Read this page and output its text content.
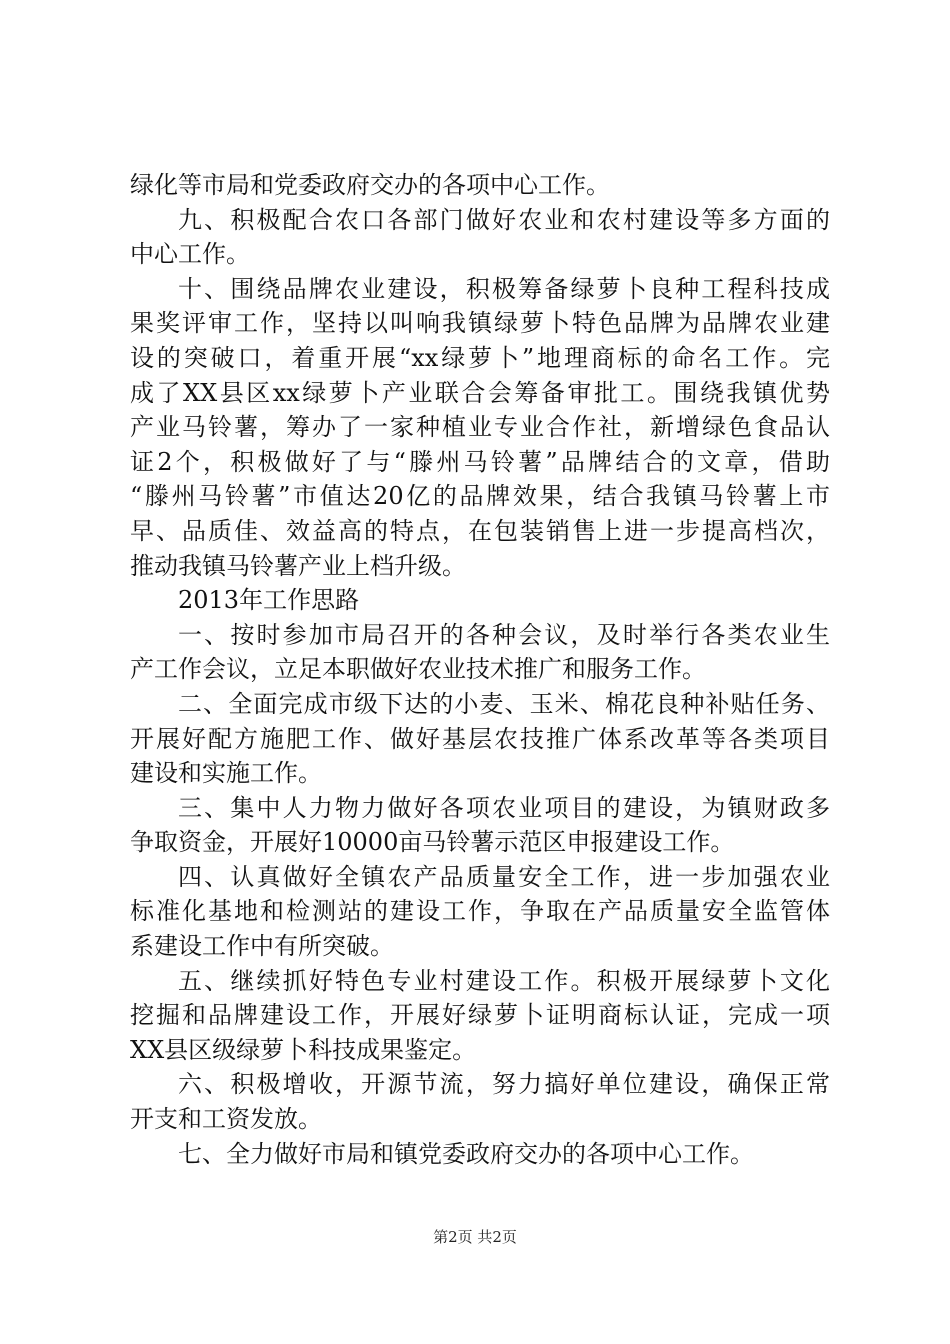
绿化等市局和党委政府交办的各项中心工作。
九、积极配合农口各部门做好农业和农村建设等多方面的
中心工作。
十、围绕品牌农业建设，积极筹备绿萝卜良种工程科技成
果奖评审工作，坚持以叫响我镇绿萝卜特色品牌为品牌农业建
设的突破口，着重开展“xx绿萝卜”地理商标的命名工作。完
成了XX县区xx绿萝卜产业联合会筹备审批工。围绕我镇优势
产业马铃薯，筹办了一家种植业专业合作社，新增绿色食品认
证2个，积极做好了与“滕州马铃薯”品牌结合的文章，借助
“滕州马铃薯”市值达20亿的品牌效果，结合我镇马铃薯上市
早、品质佳、效益高的特点，在包装销售上进一步提高档次，
推动我镇马铃薯产业上档升级。
2013年工作思路
一、按时参加市局召开的各种会议，及时举行各类农业生
产工作会议，立足本职做好农业技术推广和服务工作。
二、全面完成市级下达的小麦、玉米、棉花良种补贴任务、
开展好配方施肥工作、做好基层农技推广体系改革等各类项目
建设和实施工作。
三、集中人力物力做好各项农业项目的建设，为镇财政多
争取资金，开展好10000亩马铃薯示范区申报建设工作。
四、认真做好全镇农产品质量安全工作，进一步加强农业
标准化基地和检测站的建设工作，争取在产品质量安全监管体
系建设工作中有所突破。
五、继续抓好特色专业村建设工作。积极开展绿萝卜文化
挖掘和品牌建设工作，开展好绿萝卜证明商标认证，完成一项
XX县区级绿萝卜科技成果鉴定。
六、积极增收，开源节流，努力搞好单位建设，确保正常
开支和工资发放。
七、全力做好市局和镇党委政府交办的各项中心工作。
第2页 共2页
